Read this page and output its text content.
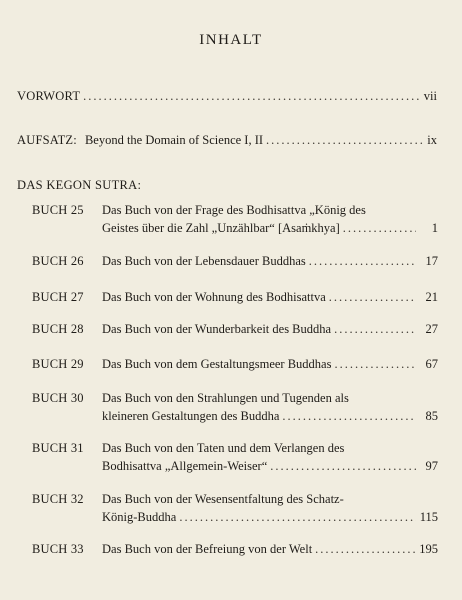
INHALT
VORWORT .....	vii
AUFSATZ: Beyond the Domain of Science I, II .....	ix
DAS KEGON SUTRA:
BUCH 25	Das Buch von der Frage des Bodhisattva „König des
Geistes über die Zahl „Unzählbar“ [Asaṁkhya] .....	1
BUCH 26	Das Buch von der Lebensdauer Buddhas .....	17
BUCH 27	Das Buch von der Wohnung des Bodhisattva .....	21
BUCH 28	Das Buch von der Wunderbarkeit des Buddha .....	27
BUCH 29	Das Buch von dem Gestaltungsmeer Buddhas .....	67
BUCH 30	Das Buch von den Strahlungen und Tugenden als
kleineren Gestaltungen des Buddha .....	85
BUCH 31	Das Buch von den Taten und dem Verlangen des
Bodhisattva „Allgemein-Weiser“ .....	97
BUCH 32	Das Buch von der Wesensentfaltung des Schatz-
König-Buddha .....	115
BUCH 33	Das Buch von der Befreiung von der Welt .....	195
